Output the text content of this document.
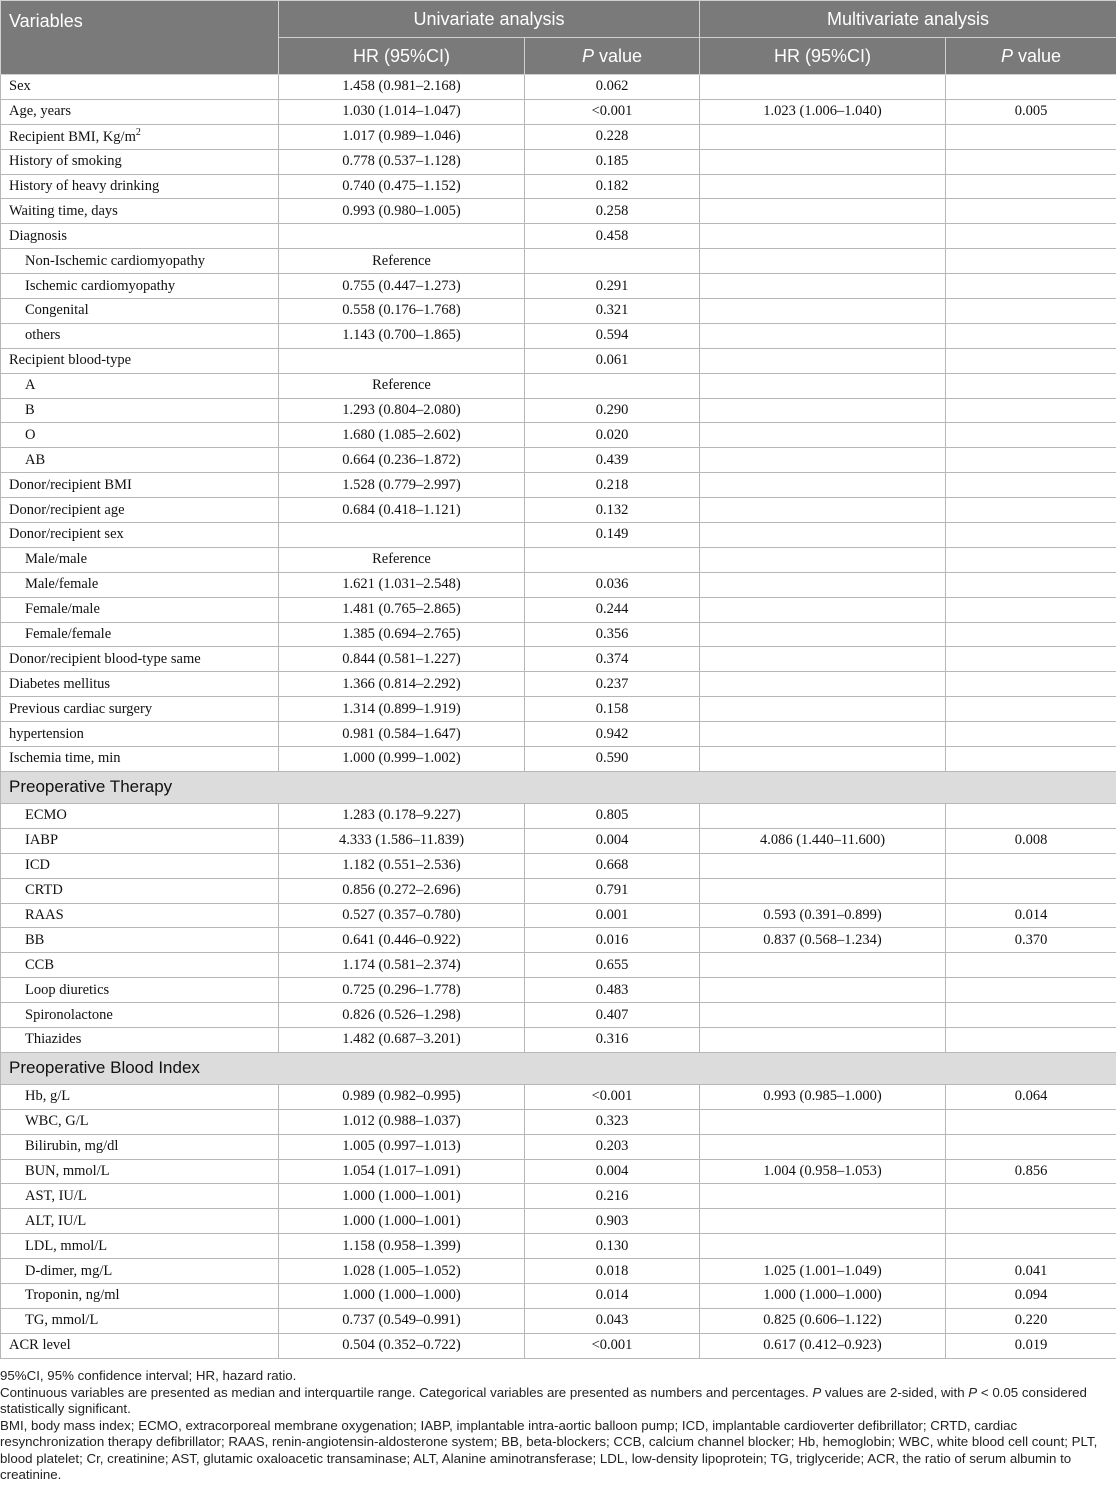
Variables	Univariate analysis		Multivariate analysis	
	HR (95%CI)	P value	HR (95%CI)	P value
Sex	1.458 (0.981–2.168)	0.062		
Age, years	1.030 (1.014–1.047)	<0.001	1.023 (1.006–1.040)	0.005
Recipient BMI, $Kg/m^2$	1.017 (0.989–1.046)	0.228		
History of smoking	0.778 (0.537–1.128)	0.185		
History of heavy drinking	0.740 (0.475–1.152)	0.182		
Waiting time, days	0.993 (0.980–1.005)	0.258		
Diagnosis		0.458		
Non-Ischemic cardiomyopathy	Reference			
Ischemic cardiomyopathy	0.755 (0.447–1.273)	0.291		
Congenital	0.558 (0.176–1.768)	0.321		
others	1.143 (0.700–1.865)	0.594		
Recipient blood-type		0.061		
A	Reference			
B	1.293 (0.804–2.080)	0.290		
O	1.680 (1.085–2.602)	0.020		
AB	0.664 (0.236–1.872)	0.439		
Donor/recipient BMI	1.528 (0.779–2.997)	0.218		
Donor/recipient age	0.684 (0.418–1.121)	0.132		
Donor/recipient sex		0.149		
Male/male	Reference			
Male/female	1.621 (1.031–2.548)	0.036		
Female/male	1.481 (0.765–2.865)	0.244		
Female/female	1.385 (0.694–2.765)	0.356		
Donor/recipient blood-type same	0.844 (0.581–1.227)	0.374		
Diabetes mellitus	1.366 (0.814–2.292)	0.237		
Previous cardiac surgery	1.314 (0.899–1.919)	0.158		
hypertension	0.981 (0.584–1.647)	0.942		
Ischemia time, min	1.000 (0.999–1.002)	0.590		
Preoperative Therapy				
ECMO	1.283 (0.178–9.227)	0.805		
IABP	4.333 (1.586–11.839)	0.004	4.086 (1.440–11.600)	0.008
ICD	1.182 (0.551–2.536)	0.668		
CRTD	0.856 (0.272–2.696)	0.791		
RAAS	0.527 (0.357–0.780)	0.001	0.593 (0.391–0.899)	0.014
BB	0.641 (0.446–0.922)	0.016	0.837 (0.568–1.234)	0.370
CCB	1.174 (0.581–2.374)	0.655		
Loop diuretics	0.725 (0.296–1.778)	0.483		
Spironolactone	0.826 (0.526–1.298)	0.407		
Thiazides	1.482 (0.687–3.201)	0.316		
Preoperative Blood Index				
Hb, g/L	0.989 (0.982–0.995)	<0.001	0.993 (0.985–1.000)	0.064
WBC, G/L	1.012 (0.988–1.037)	0.323		
Bilirubin, mg/dl	1.005 (0.997–1.013)	0.203		
BUN, mmol/L	1.054 (1.017–1.091)	0.004	1.004 (0.958–1.053)	0.856
AST, IU/L	1.000 (1.000–1.001)	0.216		
ALT, IU/L	1.000 (1.000–1.001)	0.903		
LDL, mmol/L	1.158 (0.958–1.399)	0.130		
D-dimer, mg/L	1.028 (1.005–1.052)	0.018	1.025 (1.001–1.049)	0.041
Troponin, ng/ml	1.000 (1.000–1.000)	0.014	1.000 (1.000–1.000)	0.094
TG, mmol/L	0.737 (0.549–0.991)	0.043	0.825 (0.606–1.122)	0.220
ACR level	0.504 (0.352–0.722)	<0.001	0.617 (0.412–0.923)	0.019

95%CI, 95% confidence interval; HR, hazard ratio.

Continuous variables are presented as median and interquartile range. Categorical variables are presented as numbers and percentages. P values are 2-sided, with P < 0.05 considered statistically significant.

BMI, body mass index; ECMO, extracorporeal membrane oxygenation; IABP, implantable intra-aortic balloon pump; ICD, implantable cardioverter defibrillator; CRTD, cardiac resynchronization therapy defibrillator; RAAS, renin-angiotensin-aldosterone system; BB, beta-blockers; CCB, calcium channel blocker; Hb, hemoglobin; WBC, white blood cell count; PLT, blood platelet; Cr, creatinine; AST, glutamic oxaloacetic transaminase; ALT, Alanine aminotransferase; LDL, low-density lipoprotein; TG, triglyceride; ACR, the ratio of serum albumin to creatinine.
